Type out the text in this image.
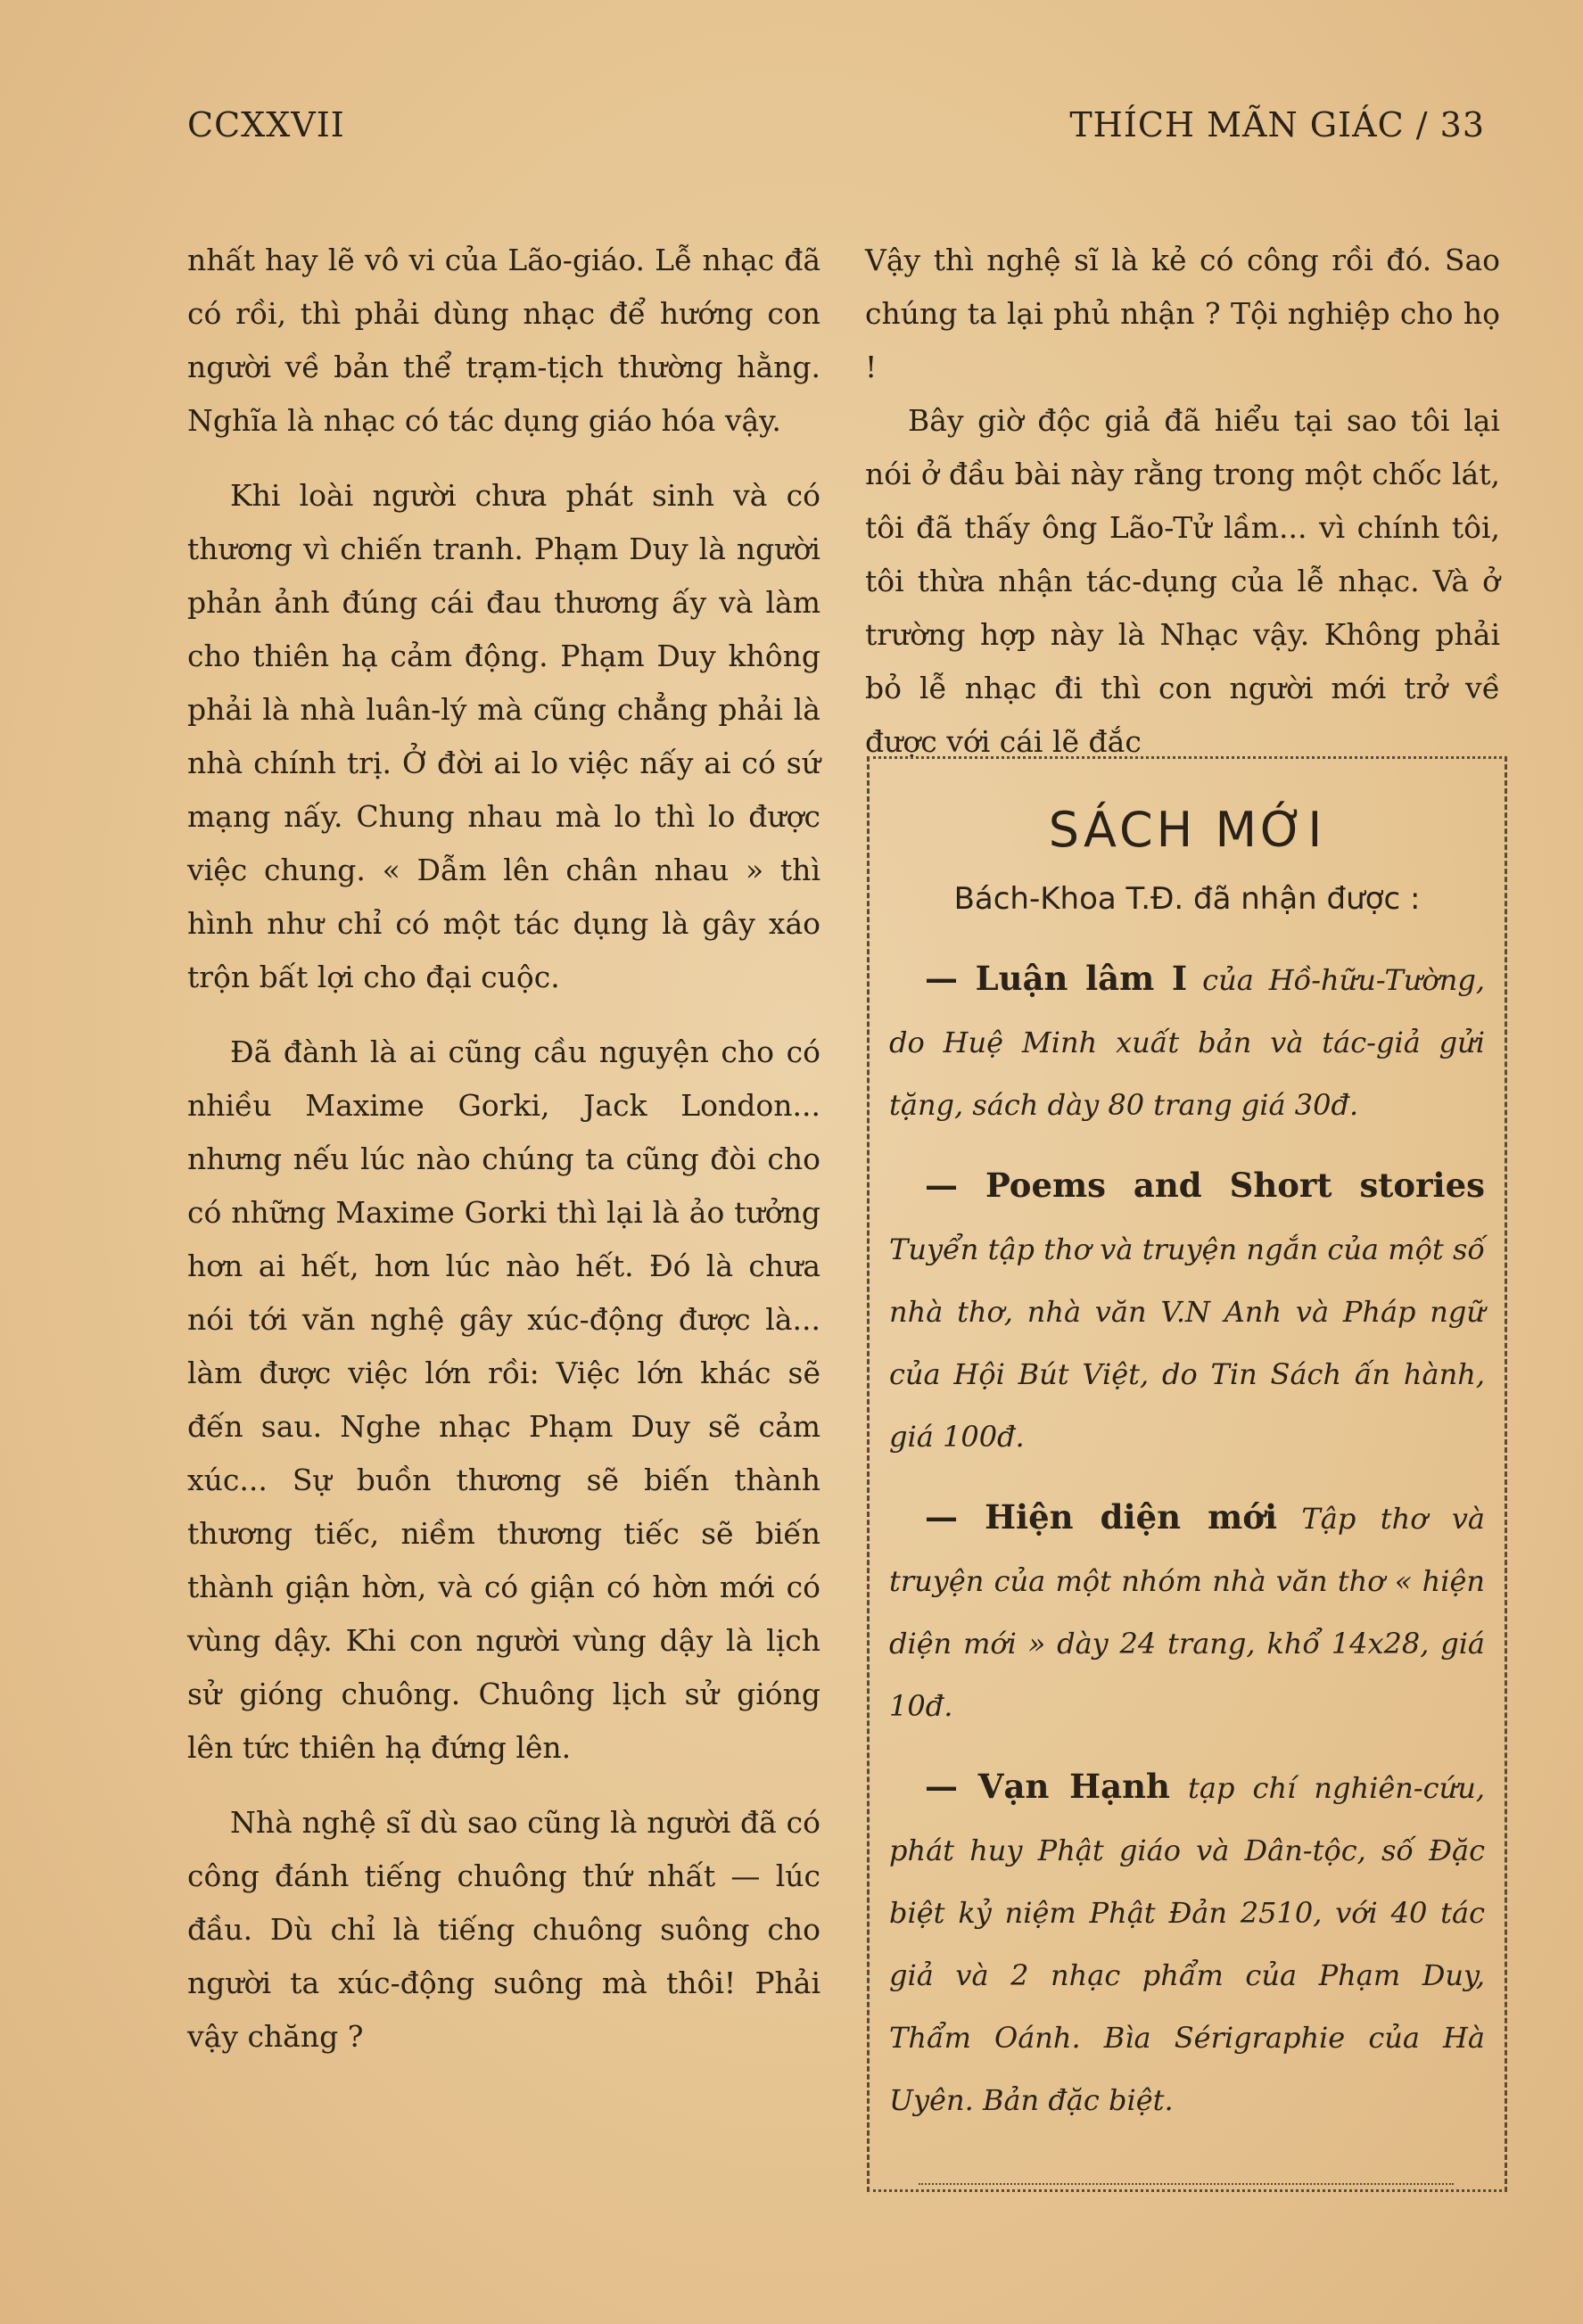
CCXXVII	THÍCH MÃN GIÁC / 33

nhất hay lẽ vô vi của Lão-giáo. Lễ nhạc đã có rồi, thì phải dùng nhạc để hướng con người về bản thể trạm-tịch thường hằng. Nghĩa là nhạc có tác dụng giáo hóa vậy.

Khi loài người chưa phát sinh và có thương vì chiến tranh. Phạm Duy là người phản ảnh đúng cái đau thương ấy và làm cho thiên hạ cảm động. Phạm Duy không phải là nhà luân-lý mà cũng chẳng phải là nhà chính trị. Ở đời ai lo việc nấy ai có sứ mạng nấy. Chung nhau mà lo thì lo được việc chung. « Dẫm lên chân nhau » thì hình như chỉ có một tác dụng là gây xáo trộn bất lợi cho đại cuộc.

Đã đành là ai cũng cầu nguyện cho có nhiều Maxime Gorki, Jack London... nhưng nếu lúc nào chúng ta cũng đòi cho có những Maxime Gorki thì lại là ảo tưởng hơn ai hết, hơn lúc nào hết. Đó là chưa nói tới văn nghệ gây xúc-động được là... làm được việc lớn rồi: Việc lớn khác sẽ đến sau. Nghe nhạc Phạm Duy sẽ cảm xúc... Sự buồn thương sẽ biến thành thương tiếc, niềm thương tiếc sẽ biến thành giận hờn, và có giận có hờn mới có vùng dậy. Khi con người vùng dậy là lịch sử gióng chuông. Chuông lịch sử gióng lên tức thiên hạ đứng lên.

Nhà nghệ sĩ dù sao cũng là người đã có công đánh tiếng chuông thứ nhất — lúc đầu. Dù chỉ là tiếng chuông suông cho người ta xúc-động suông mà thôi! Phải vậy chăng ?

Vậy thì nghệ sĩ là kẻ có công rồi đó. Sao chúng ta lại phủ nhận ? Tội nghiệp cho họ !

Bây giờ độc giả đã hiểu tại sao tôi lại nói ở đầu bài này rằng trong một chốc lát, tôi đã thấy ông Lão-Tử lầm... vì chính tôi, tôi thừa nhận tác-dụng của lễ nhạc. Và ở trường hợp này là Nhạc vậy. Không phải bỏ lễ nhạc đi thì con người mới trở về được với cái lẽ đắc

SÁCH MỚI
Bách-Khoa T.Đ. đã nhận được :
— Luận lâm I của Hồ-hữu-Tường, do Huệ Minh xuất bản và tác-giả gửi tặng, sách dày 80 trang giá 30đ.
— Poems and Short stories Tuyển tập thơ và truyện ngắn của một số nhà thơ, nhà văn V.N Anh và Pháp ngữ của Hội Bút Việt, do Tin Sách ấn hành, giá 100đ.
— Hiện diện mới Tập thơ và truyện của một nhóm nhà văn thơ « hiện diện mới » dày 24 trang, khổ 14x28, giá 10đ.
— Vạn Hạnh tạp chí nghiên-cứu, phát huy Phật giáo và Dân-tộc, số Đặc biệt kỷ niệm Phật Đản 2510, với 40 tác giả và 2 nhạc phẩm của Phạm Duy, Thẩm Oánh. Bìa Sérigraphie của Hà Uyên. Bản đặc biệt.
